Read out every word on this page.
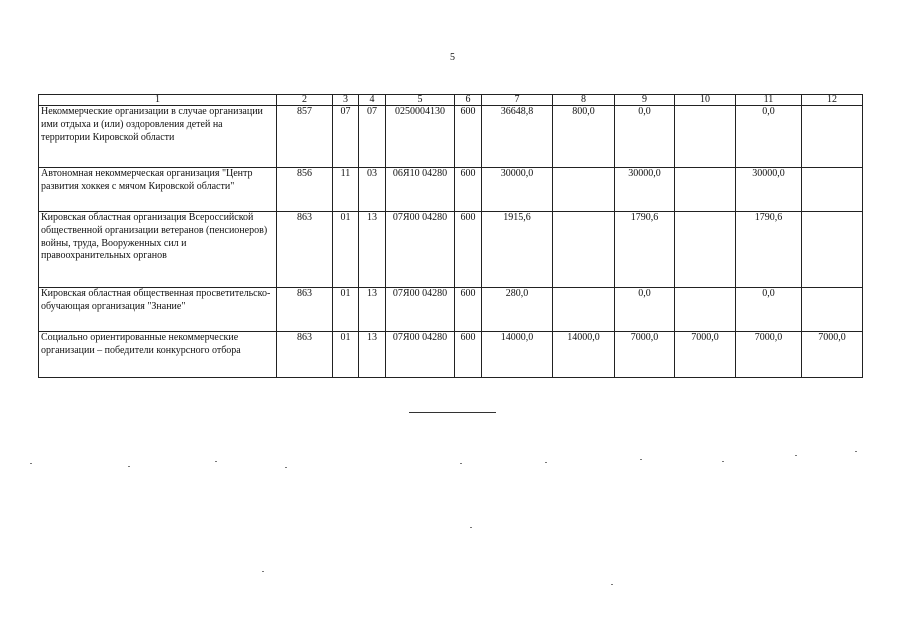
5
1	2	3	4	5	6	7	8	9	10	11	12
Некоммерческие организации в случае организации ими отдыха и (или) оздоровления детей на территории Кировской области	857	07	07	0250004130	600	36648,8	800,0	0,0		0,0	
Автономная некоммерческая организация "Центр развития хоккея с мячом Кировской области"	856	11	03	06Я10 04280	600	30000,0		30000,0		30000,0	
Кировская областная организация Всероссийской общественной организации ветеранов (пенсионеров) войны, труда, Вооруженных сил и правоохранительных органов	863	01	13	07Я00 04280	600	1915,6		1790,6		1790,6	
Кировская областная общественная просветительско-обучающая организация "Знание"	863	01	13	07Я00 04280	600	280,0		0,0		0,0	
Социально ориентированные некоммерческие организации – победители конкурсного отбора	863	01	13	07Я00 04280	600	14000,0	14000,0	7000,0	7000,0	7000,0	7000,0
